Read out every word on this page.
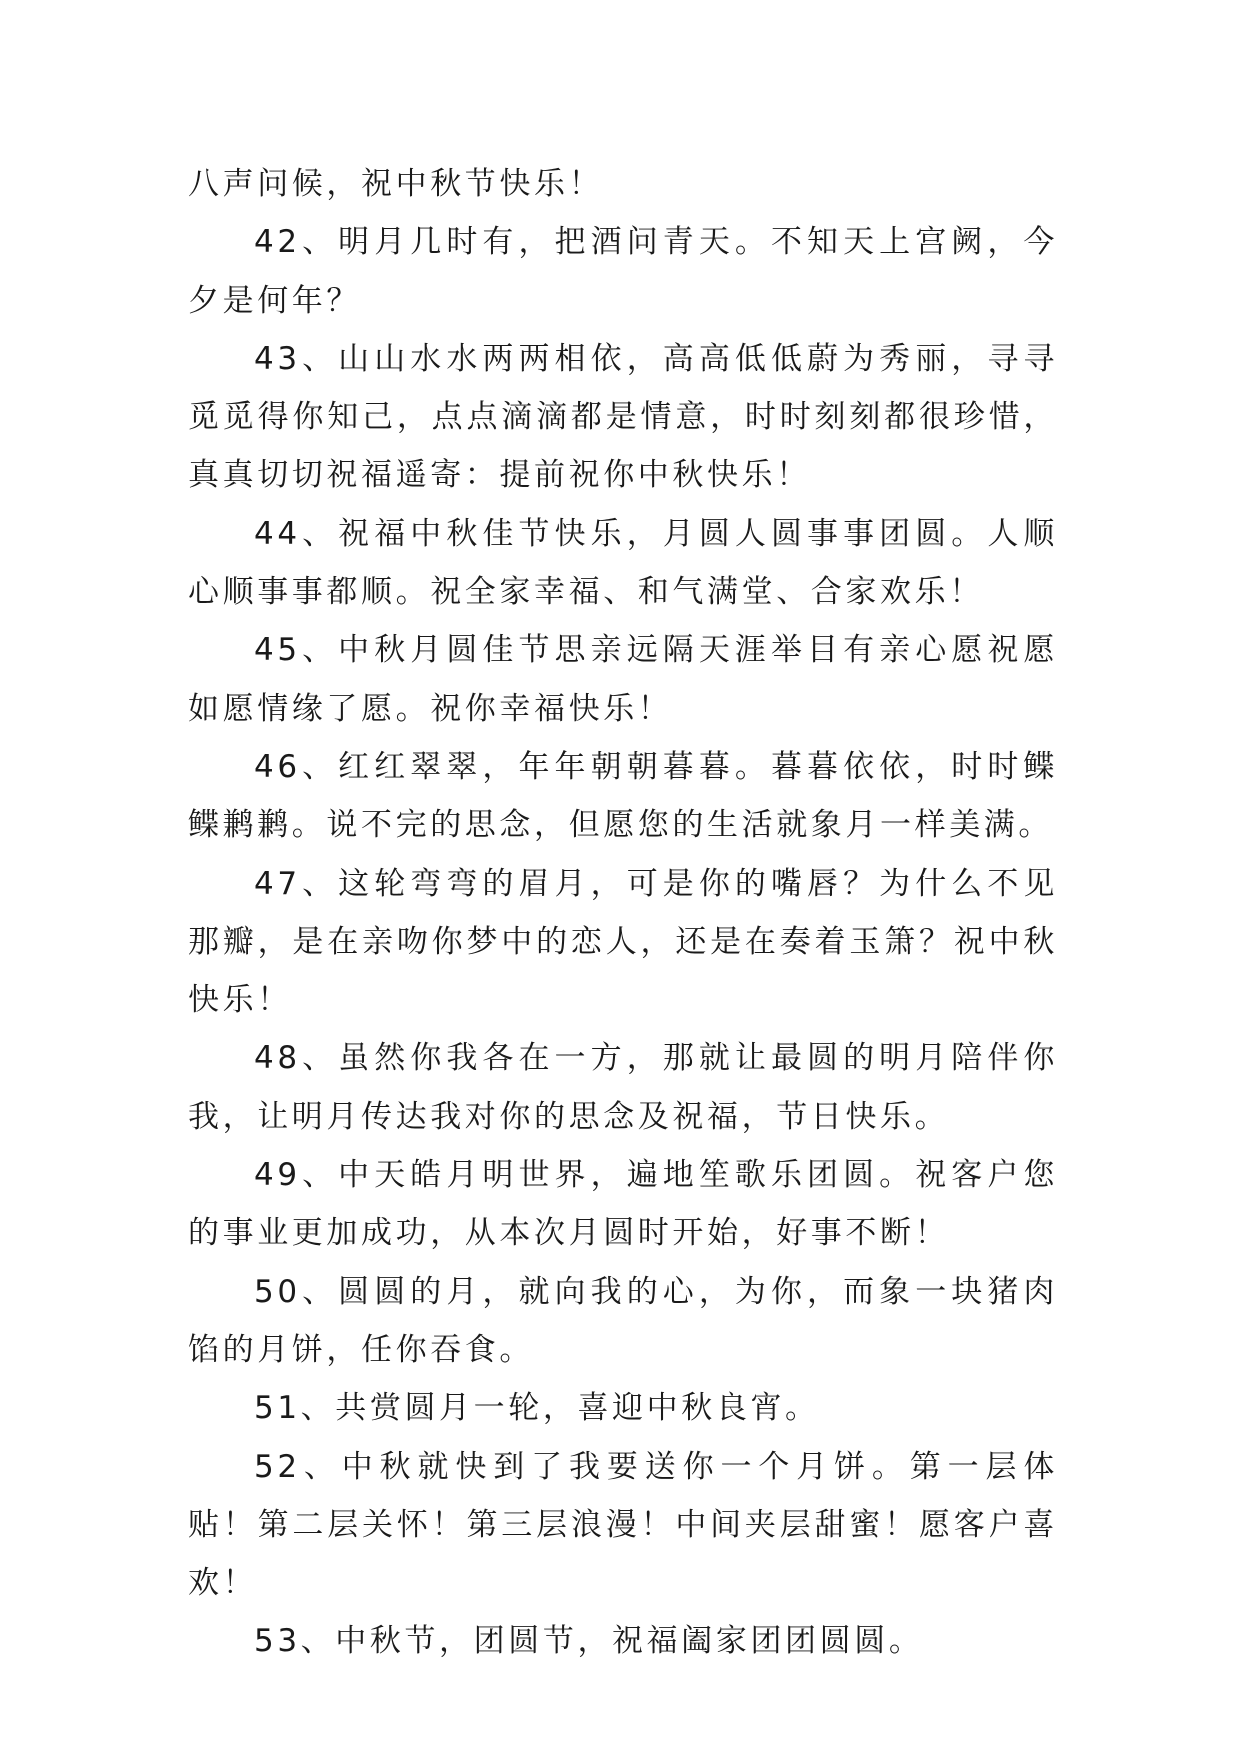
八声问候，祝中秋节快乐！

42、明月几时有，把酒问青天。不知天上宫阙，今夕是何年？

43、山山水水两两相依，高高低低蔚为秀丽，寻寻觅觅得你知己，点点滴滴都是情意，时时刻刻都很珍惜，真真切切祝福遥寄：提前祝你中秋快乐！

44、祝福中秋佳节快乐，月圆人圆事事团圆。人顺心顺事事都顺。祝全家幸福、和气满堂、合家欢乐！

45、中秋月圆佳节思亲远隔天涯举目有亲心愿祝愿如愿情缘了愿。祝你幸福快乐！

46、红红翠翠，年年朝朝暮暮。暮暮依依，时时鲽鲽鹣鹣。说不完的思念，但愿您的生活就象月一样美满。

47、这轮弯弯的眉月，可是你的嘴唇？为什么不见那瓣，是在亲吻你梦中的恋人，还是在奏着玉箫？祝中秋快乐！

48、虽然你我各在一方，那就让最圆的明月陪伴你我，让明月传达我对你的思念及祝福，节日快乐。

49、中天皓月明世界，遍地笙歌乐团圆。祝客户您的事业更加成功，从本次月圆时开始，好事不断！

50、圆圆的月，就向我的心，为你，而象一块猪肉馅的月饼，任你吞食。

51、共赏圆月一轮，喜迎中秋良宵。

52、中秋就快到了我要送你一个月饼。第一层体贴！第二层关怀！第三层浪漫！中间夹层甜蜜！愿客户喜欢！

53、中秋节，团圆节，祝福阖家团团圆圆。
